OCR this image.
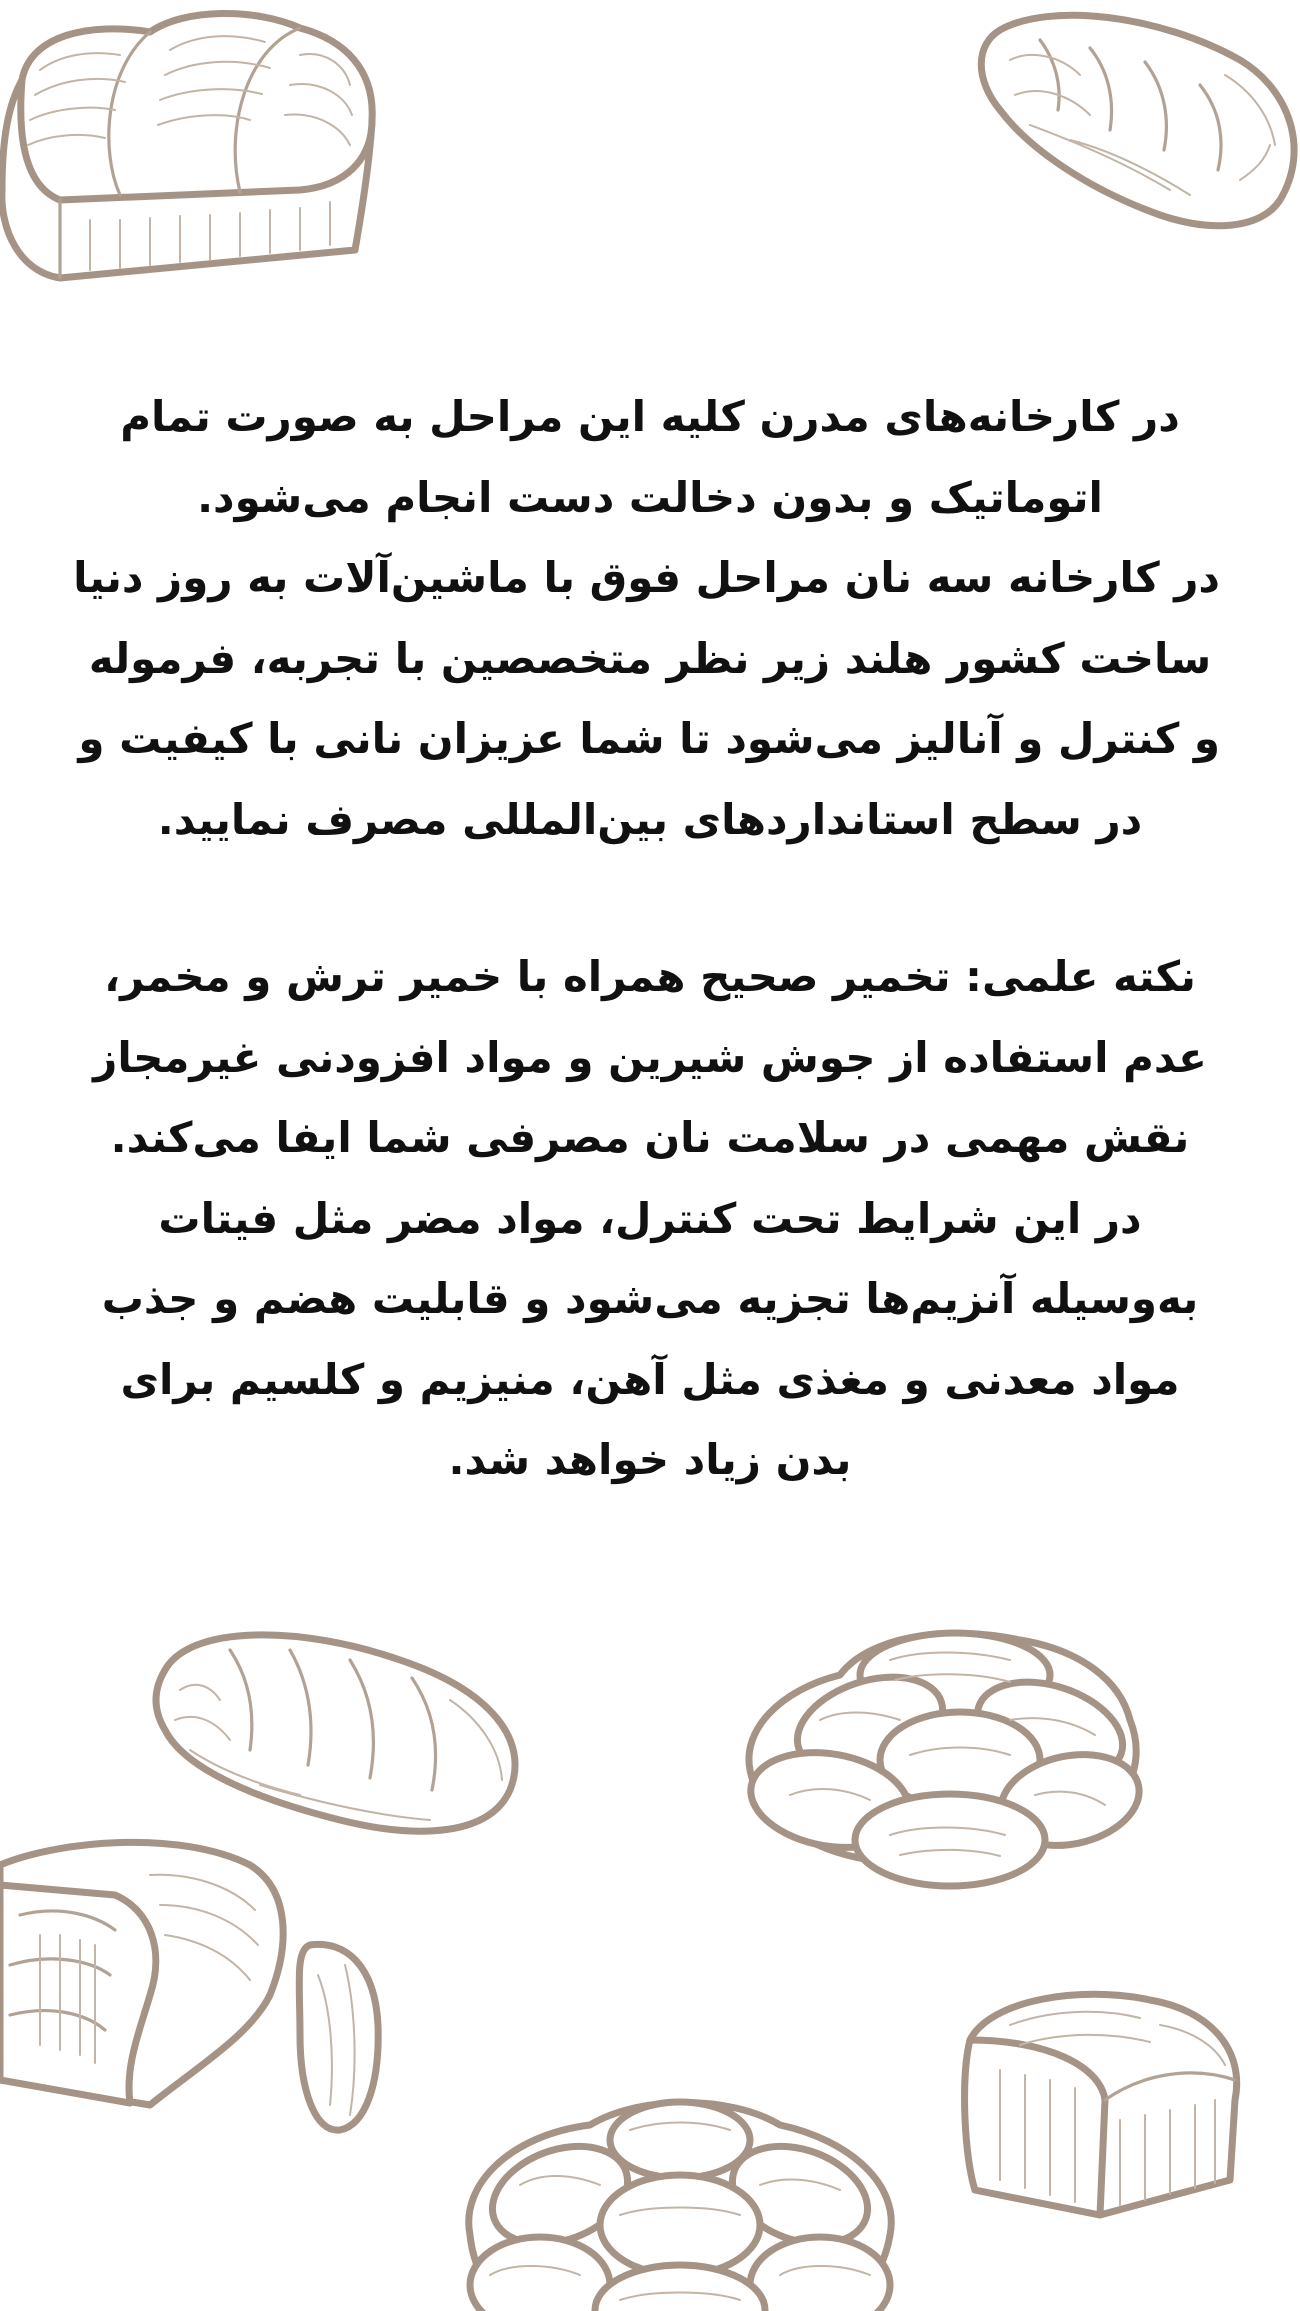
در کارخانه‌های مدرن کلیه این مراحل به صورت تمام
اتوماتیک و بدون دخالت دست انجام می‌شود.
در کارخانه سه نان مراحل فوق با ماشین‌آلات به روز دنیا
ساخت کشور هلند زیر نظر متخصصین با تجربه، فرموله
و کنترل و آنالیز می‌شود تا شما عزیزان نانی با کیفیت و
در سطح استانداردهای بین‌المللی مصرف نمایید.
نکته علمی: تخمیر صحیح همراه با خمیر ترش و مخمر،
عدم استفاده از جوش شیرین و مواد افزودنی غیرمجاز
نقش مهمی در سلامت نان مصرفی شما ایفا می‌کند.
در این شرایط تحت کنترل، مواد مضر مثل فیتات
به‌وسیله آنزیم‌ها تجزیه می‌شود و قابلیت هضم و جذب
مواد معدنی و مغذی مثل آهن، منیزیم و کلسیم برای
بدن زیاد خواهد شد.
